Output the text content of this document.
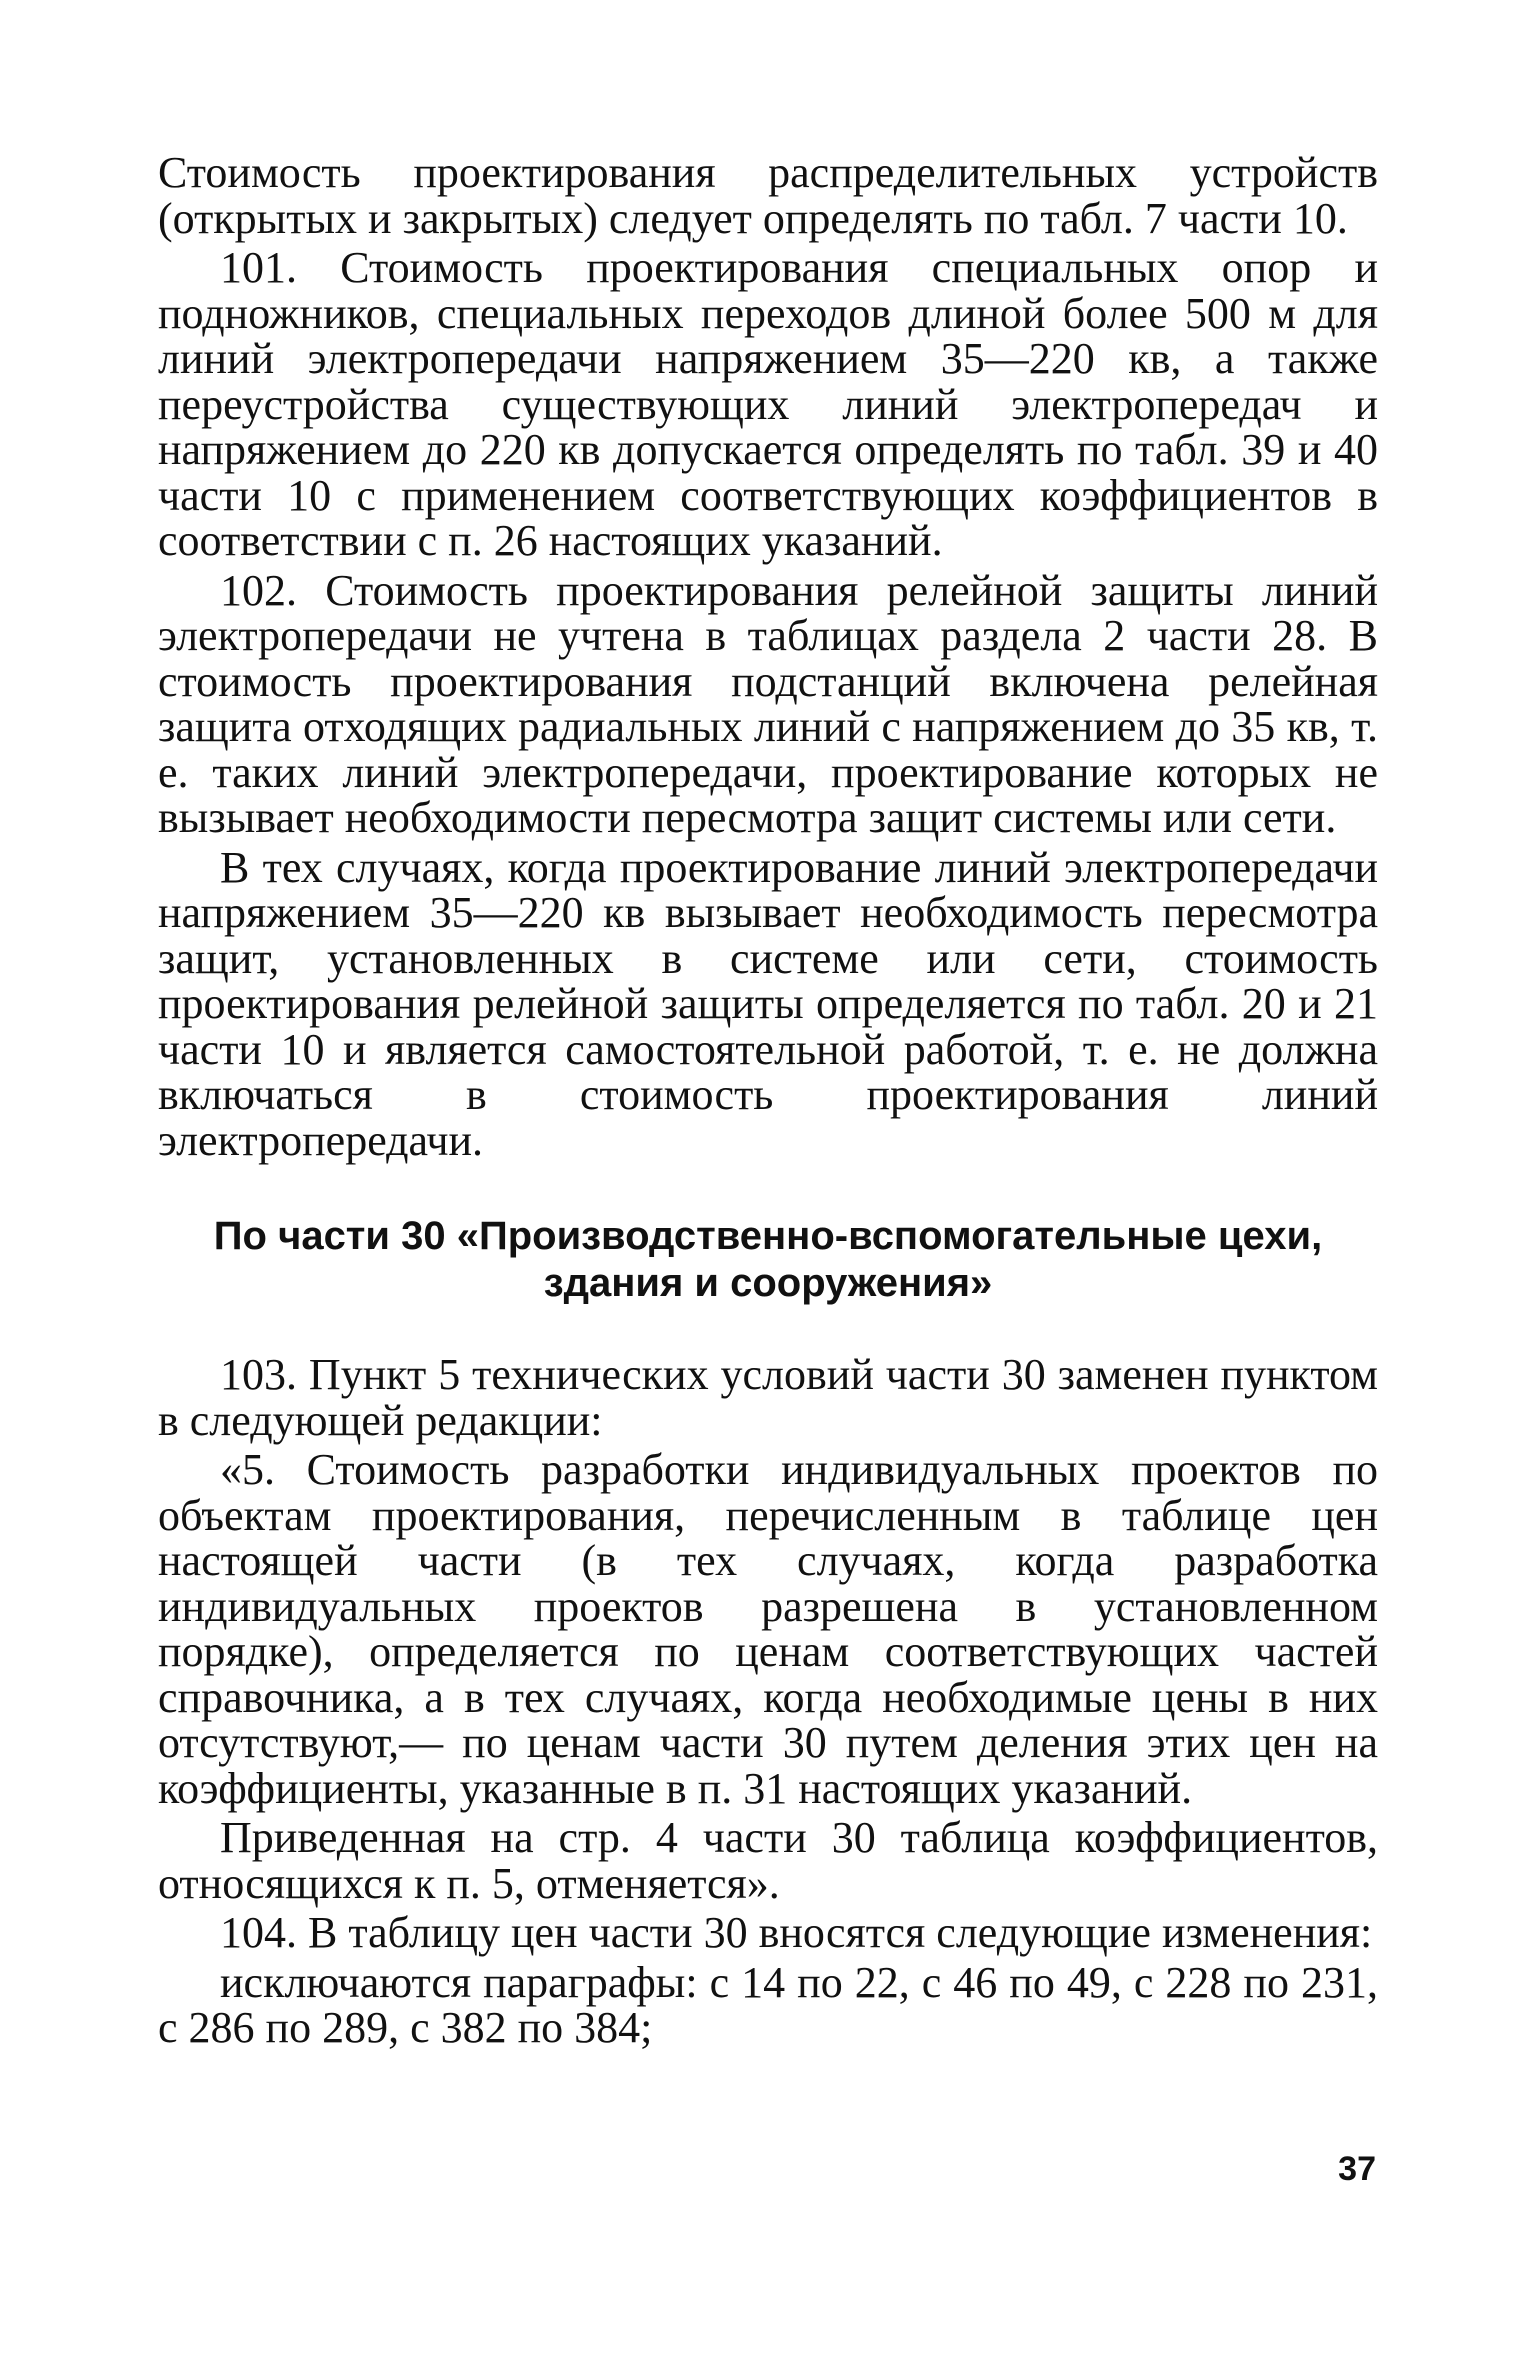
Стоимость проектирования распределительных устройств (открытых и закрытых) следует определять по табл. 7 части 10.

101. Стоимость проектирования специальных опор и подножников, специальных переходов длиной более 500 м для линий электропередачи напряжением 35—220 кв, а также переустройства существующих линий электропередач и напряжением до 220 кв допускается определять по табл. 39 и 40 части 10 с применением соответствующих коэффициентов в соответствии с п. 26 настоящих указаний.

102. Стоимость проектирования релейной защиты линий электропередачи не учтена в таблицах раздела 2 части 28. В стоимость проектирования подстанций включена релейная защита отходящих радиальных линий с напряжением до 35 кв, т. е. таких линий электропередачи, проектирование которых не вызывает необходимости пересмотра защит системы или сети.

В тех случаях, когда проектирование линий электропередачи напряжением 35—220 кв вызывает необходимость пересмотра защит, установленных в системе или сети, стоимость проектирования релейной защиты определяется по табл. 20 и 21 части 10 и является самостоятельной работой, т. е. не должна включаться в стоимость проектирования линий электропередачи.

По части 30 «Производственно-вспомогательные цехи,
здания и сооружения»

103. Пункт 5 технических условий части 30 заменен пунктом в следующей редакции:

«5. Стоимость разработки индивидуальных проектов по объектам проектирования, перечисленным в таблице цен настоящей части (в тех случаях, когда разработка индивидуальных проектов разрешена в установленном порядке), определяется по ценам соответствующих частей справочника, а в тех случаях, когда необходимые цены в них отсутствуют,— по ценам части 30 путем деления этих цен на коэффициенты, указанные в п. 31 настоящих указаний.

Приведенная на стр. 4 части 30 таблица коэффициентов, относящихся к п. 5, отменяется».

104. В таблицу цен части 30 вносятся следующие изменения:

исключаются параграфы: с 14 по 22, с 46 по 49, с 228 по 231, с 286 по 289, с 382 по 384;

37
